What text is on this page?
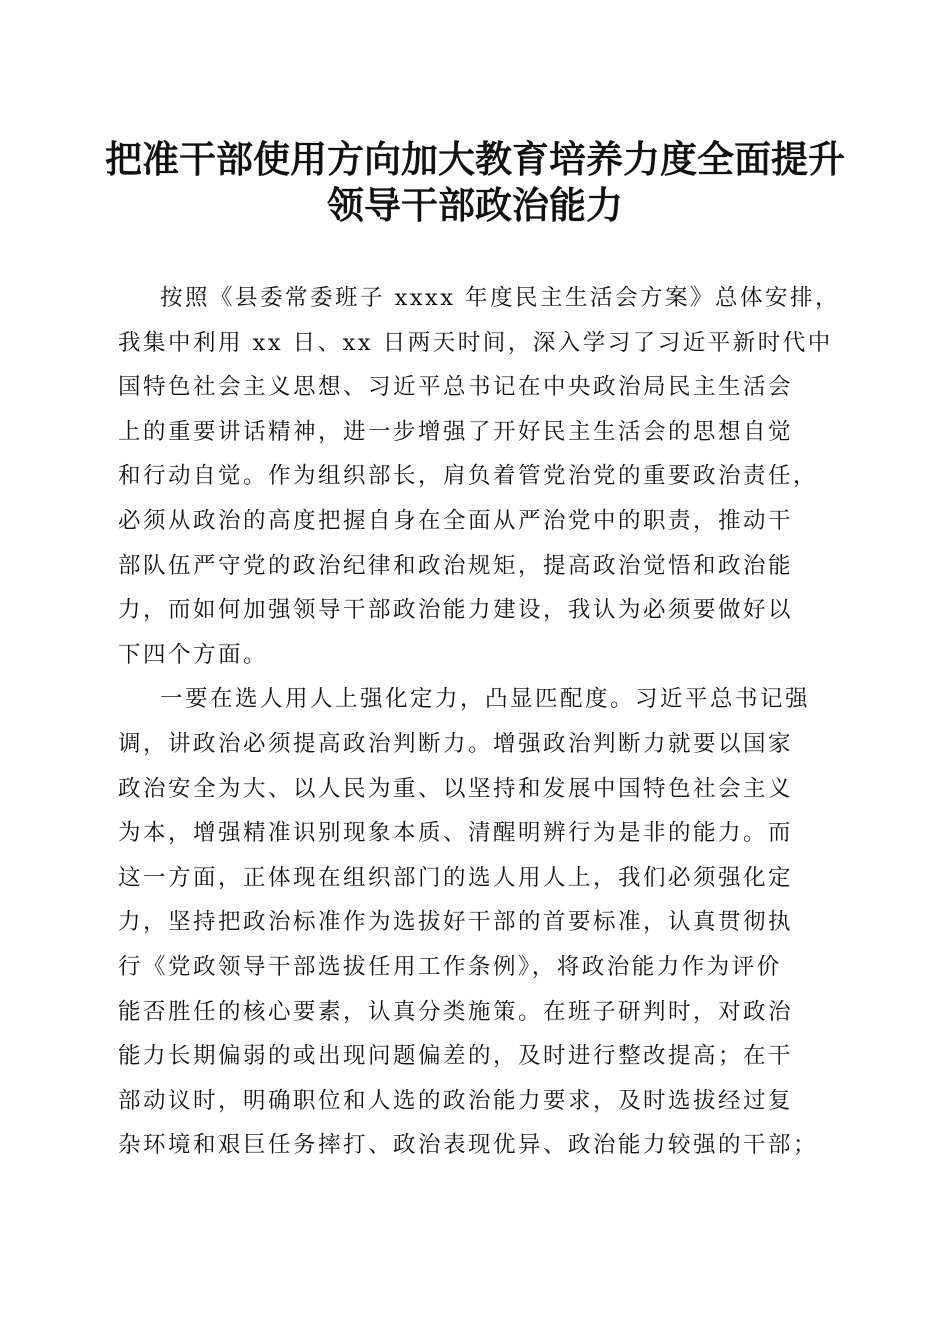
把准干部使用方向加大教育培养力度全面提升
领导干部政治能力
按照《县委常委班子 xxxx 年度民主生活会方案》总体安排，
我集中利用 xx 日、xx 日两天时间，深入学习了习近平新时代中
国特色社会主义思想、习近平总书记在中央政治局民主生活会
上的重要讲话精神，进一步增强了开好民主生活会的思想自觉
和行动自觉。作为组织部长，肩负着管党治党的重要政治责任，
必须从政治的高度把握自身在全面从严治党中的职责，推动干
部队伍严守党的政治纪律和政治规矩，提高政治觉悟和政治能
力，而如何加强领导干部政治能力建设，我认为必须要做好以
下四个方面。
一要在选人用人上强化定力，凸显匹配度。习近平总书记强
调，讲政治必须提高政治判断力。增强政治判断力就要以国家
政治安全为大、以人民为重、以坚持和发展中国特色社会主义
为本，增强精准识别现象本质、清醒明辨行为是非的能力。而
这一方面，正体现在组织部门的选人用人上，我们必须强化定
力，坚持把政治标准作为选拔好干部的首要标准，认真贯彻执
行《党政领导干部选拔任用工作条例》，将政治能力作为评价
能否胜任的核心要素，认真分类施策。在班子研判时，对政治
能力长期偏弱的或出现问题偏差的，及时进行整改提高；在干
部动议时，明确职位和人选的政治能力要求，及时选拔经过复
杂环境和艰巨任务摔打、政治表现优异、政治能力较强的干部；
